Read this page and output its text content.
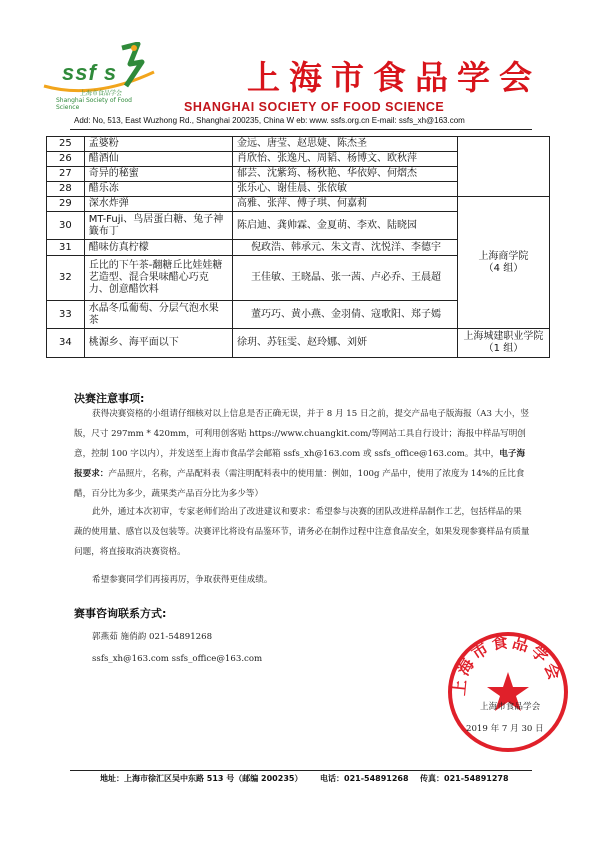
ssf s
上海市食品学会
Shanghai Society of Food Science
上海市食品学会
SHANGHAI SOCIETY OF FOOD SCIENCE
Add: No, 513, East Wuzhong Rd., Shanghai 200235, China W eb: www. ssfs.org.cn E-mail: ssfs_xh@163.com
25	孟婆粉	金远、唐莹、赵思婕、陈杰圣	
26	醋酒仙	肖欣怡、张逸凡、周韬、杨博文、欧秋萍	
27	奇异的秘蜜	郁芸、沈紫筠、杨秋艳、华依婷、何熠杰	
28	醋乐冻	张乐心、谢佳晨、张依敏	
29	深水炸弹	高雅、张萍、傅子琪、何嘉莉	上海商学院
（4 组）

30	MT-Fuji、鸟居蛋白糖、兔子神籤布丁	陈启迪、龚帅霖、金夏萌、李欢、陆晓园	
31	醋味仿真柠檬	倪政浩、韩承元、朱文青、沈悦洋、李德宇	
32	丘比的下午茶-翻糖丘比娃娃糖艺造型、混合果味醋心巧克力、创意醋饮料	王佳敏、王晓晶、张一茜、卢必乔、王晨超	
33	水晶冬瓜葡萄、分层气泡水果茶	董巧巧、黄小燕、金羽倩、寇歌阳、郑子嫣	
34	桃源乡、海平面以下	徐玥、苏钰雯、赵玲娜、刘妍	上海城建职业学院
（1 组）
决赛注意事项:
获得决赛资格的小组请仔细核对以上信息是否正确无误，并于 8 月 15 日之前，提交产品电子版海报（A3 大小，竖版，尺寸 297mm * 420mm，可利用创客贴 https://www.chuangkit.com/等网站工具自行设计；海报中样品写明创意，控制 100 字以内），并发送至上海市食品学会邮箱 ssfs_xh@163.com 或 ssfs_office@163.com。其中，电子海报要求：产品照片，名称，产品配料表（需注明配料表中的使用量：例如，100g 产品中，使用了浓度为 14%的丘比食醋，百分比为多少，蔬果类产品百分比为多少等）
此外，通过本次初审，专家老师们给出了改进建议和要求：希望参与决赛的团队改进样品制作工艺，包括样品的果蔬的使用量、感官以及包装等。决赛评比将设有品鉴环节，请务必在制作过程中注意食品安全，如果发现参赛样品有质量问题，将直接取消决赛资格。
希望参赛同学们再接再厉，争取获得更佳成绩。
赛事咨询联系方式:
郭燕茹 施俏韵 021-54891268
ssfs_xh@163.com ssfs_office@163.com
上海市食品学会
上海市食品学会
2019 年 7 月 30 日
地址：上海市徐汇区吴中东路 513 号（邮编 200235） 电话：021-54891268 传真：021-54891278
